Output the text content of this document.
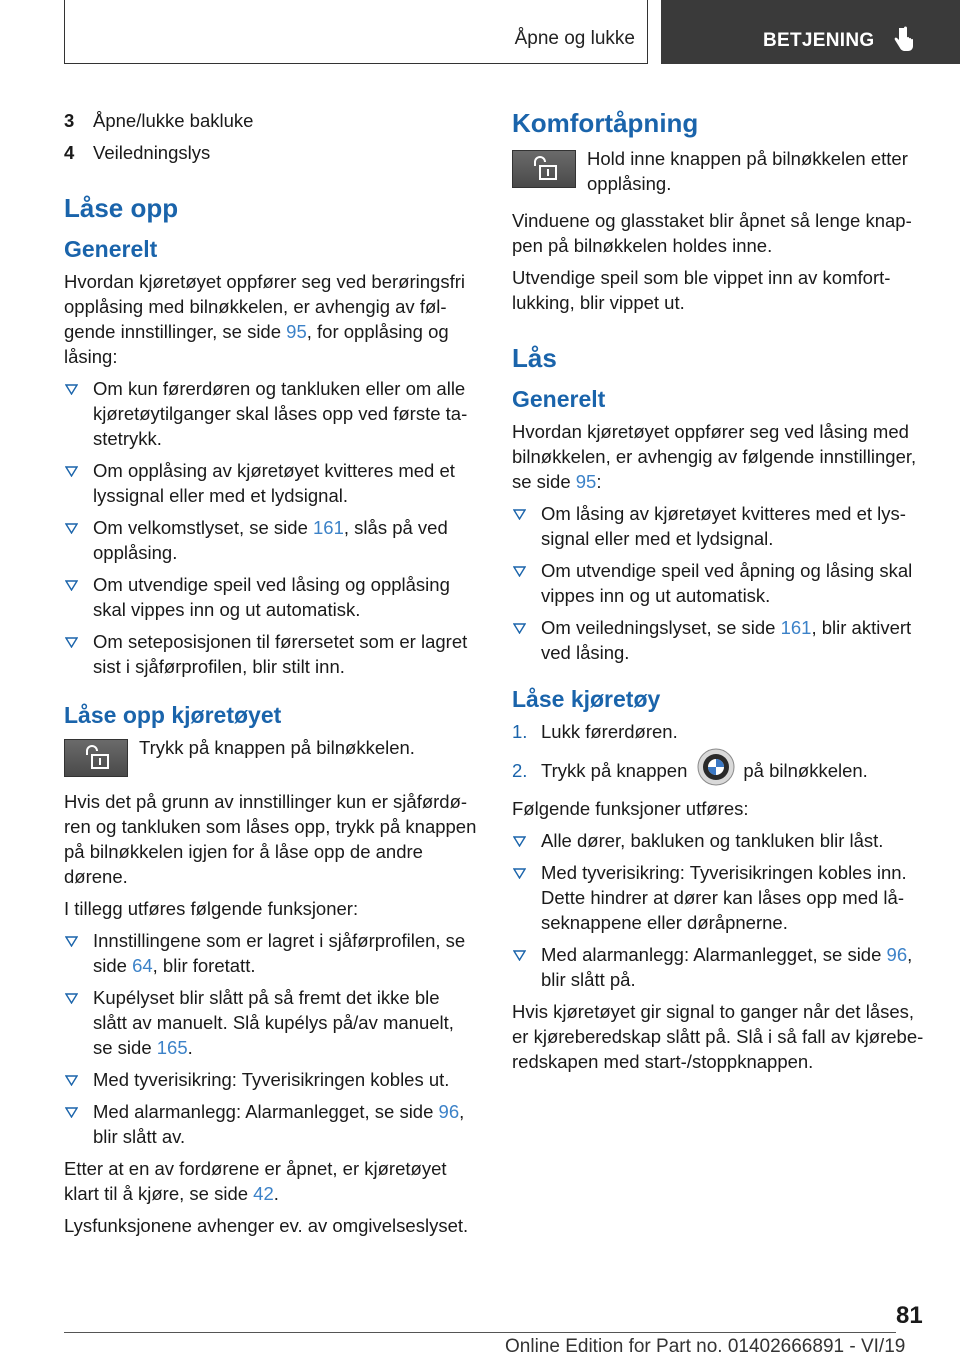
Åpne og lukke	BETJENING
3	Åpne/lukke bakluke
4	Veiledningslys
Låse opp
Generelt

Hvordan kjøretøyet oppfører seg ved berøringsfri opplåsing med bilnøkkelen, er avhengig av følgende innstillinger, se side 95, for opplåsing og låsing:

Om kun førerdøren og tankluken eller om alle kjøretøytilganger skal låses opp ved første tastetrykk.
Om opplåsing av kjøretøyet kvitteres med et lyssignal eller med et lydsignal.
Om velkomstlyset, se side 161, slås på ved opplåsing.
Om utvendige speil ved låsing og opplåsing skal vippes inn og ut automatisk.
Om seteposisjonen til førersetet som er lagret sist i sjåførprofilen, blir stilt inn.
Låse opp kjøretøyet
Trykk på knappen på bilnøkkelen.

Hvis det på grunn av innstillinger kun er sjåførdøren og tankluken som låses opp, trykk på knappen på bilnøkkelen igjen for å låse opp de andre dørene.

I tillegg utføres følgende funksjoner:

Innstillingene som er lagret i sjåførprofilen, se side 64, blir foretatt.
Kupélyset blir slått på så fremt det ikke ble slått av manuelt. Slå kupélys på/av manuelt, se side 165.
Med tyverisikring: Tyverisikringen kobles ut.
Med alarmanlegg: Alarmanlegget, se side 96, blir slått av.

Etter at en av fordørene er åpnet, er kjøretøyet klart til å kjøre, se side 42.

Lysfunksjonene avhenger ev. av omgivelseslyset.

Komfortåpning
Hold inne knappen på bilnøkkelen etter opplåsing.

Vinduene og glasstaket blir åpnet så lenge knappen på bilnøkkelen holdes inne.

Utvendige speil som ble vippet inn av komfortlukking, blir vippet ut.

Lås
Generelt

Hvordan kjøretøyet oppfører seg ved låsing med bilnøkkelen, er avhengig av følgende innstillinger, se side 95:

Om låsing av kjøretøyet kvitteres med et lyssignal eller med et lydsignal.
Om utvendige speil ved åpning og låsing skal vippes inn og ut automatisk.
Om veiledningslyset, se side 161, blir aktivert ved låsing.
Låse kjøretøy
1. Lukk førerdøren.
2. Trykk på knappen	på bilnøkkelen.

Følgende funksjoner utføres:

Alle dører, bakluken og tankluken blir låst.
Med tyverisikring: Tyverisikringen kobles inn. Dette hindrer at dører kan låses opp med låseknappene eller døråpnerne.
Med alarmanlegg: Alarmanlegget, se side 96, blir slått på.

Hvis kjøretøyet gir signal to ganger når det låses, er kjøreberedskap slått på. Slå i så fall av kjøreberedskapen med start-/stoppknappen.

81
Online Edition for Part no. 01402666891 - VI/19
